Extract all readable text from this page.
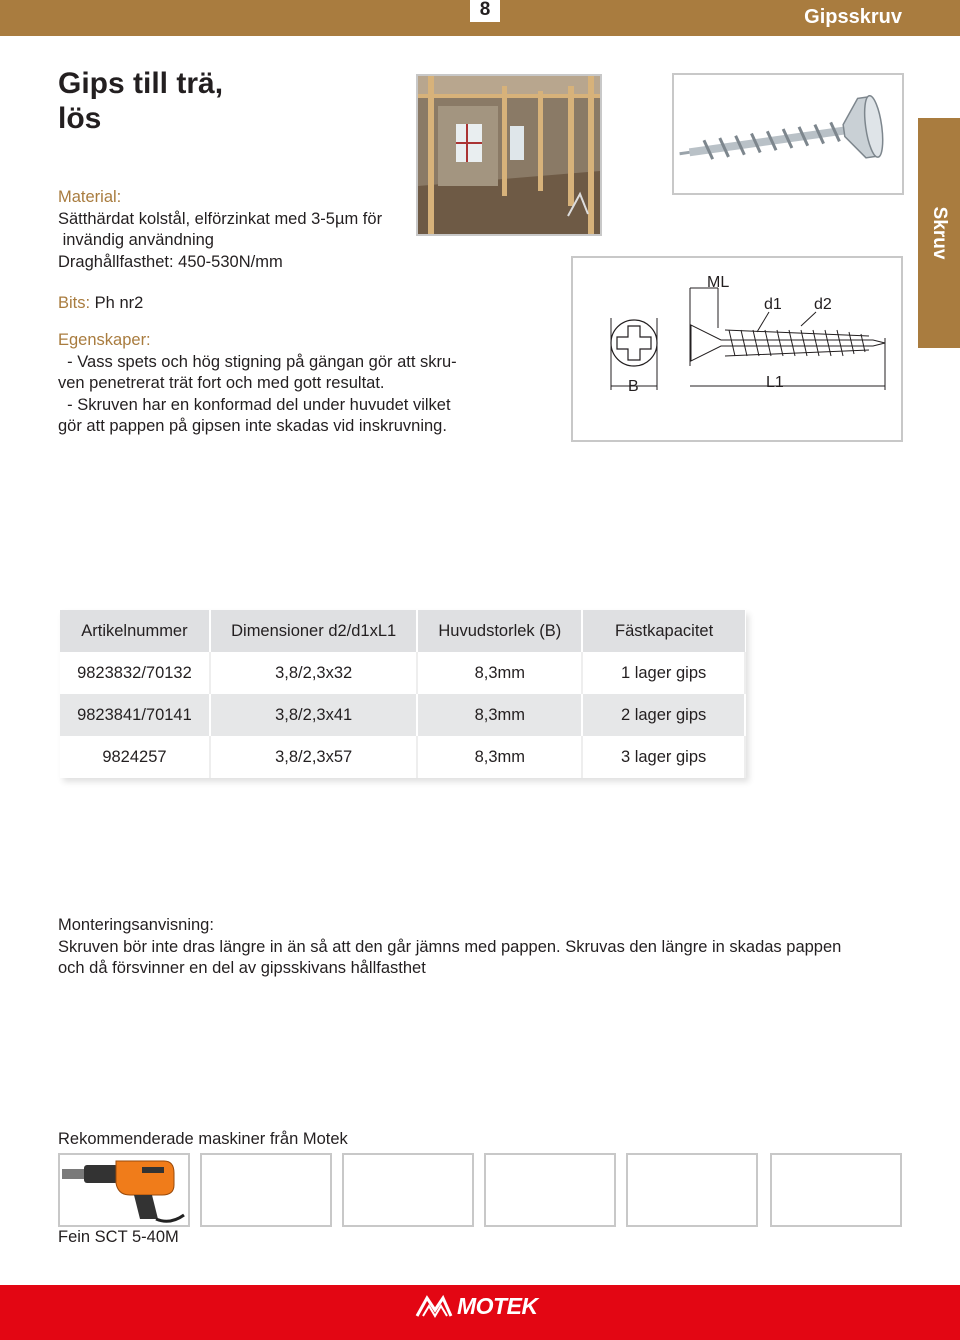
8	Gipsskruv
Skruv
Gips till trä,
lös
Material:
Sätthärdat kolstål, elförzinkat med 3-5µm för
invändig användning
Draghållfasthet: 450-530N/mm
Bits: Ph nr2
Egenskaper:
- Vass spets och hög stigning på gängan gör att skru-
ven penetrerat trät fort och med gott resultat.
- Skruven har en konformad del under huvudet vilket
gör att pappen på gipsen inte skadas vid inskruvning.
ML
d1 d2
B	L1
Artikelnummer	Dimensioner d2/d1xL1	Huvudstorlek (B)	Fästkapacitet
9823832/70132	3,8/2,3x32	8,3mm	1 lager gips
9823841/70141	3,8/2,3x41	8,3mm	2 lager gips
9824257	3,8/2,3x57	8,3mm	3 lager gips
Monteringsanvisning:
Skruven bör inte dras längre in än så att den går jämns med pappen. Skruvas den längre in skadas pappen
och då försvinner en del av gipsskivans hållfasthet
Rekommenderade maskiner från Motek
Fein SCT 5-40M
MOTEK
